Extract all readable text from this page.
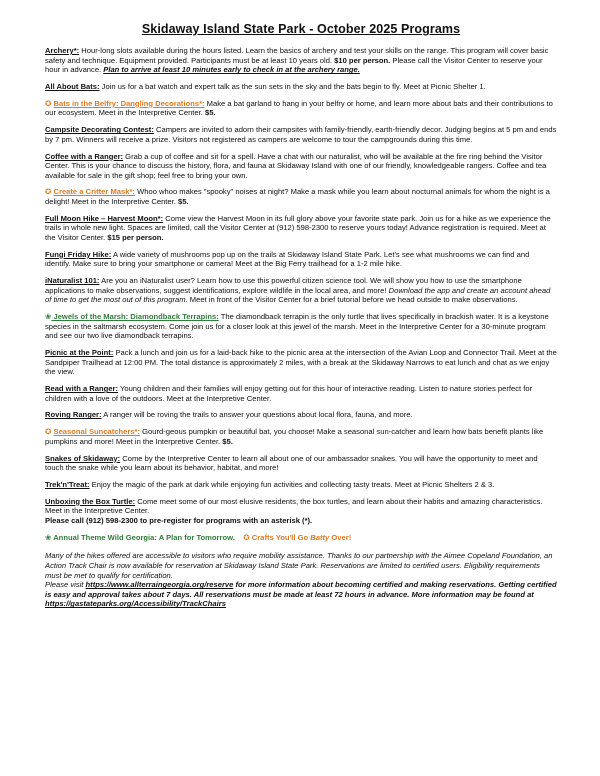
Skidaway Island State Park - October 2025 Programs

Archery*: Hour-long slots available during the hours listed. Learn the basics of archery and test your skills on the range. This program will cover basic safety and technique. Equipment provided. Participants must be at least 10 years old. $10 per person. Please call the Visitor Center to reserve your hour in advance. Plan to arrive at least 10 minutes early to check in at the archery range.

All About Bats: Join us for a bat watch and expert talk as the sun sets in the sky and the bats begin to fly. Meet at Picnic Shelter 1.

✪ Bats in the Belfry: Dangling Decorations*: Make a bat garland to hang in your belfry or home, and learn more about bats and their contributions to our ecosystem. Meet in the Interpretive Center. $5.

Campsite Decorating Contest: Campers are invited to adorn their campsites with family-friendly, earth-friendly decor. Judging begins at 5 pm and ends by 7 pm. Winners will receive a prize. Visitors not registered as campers are welcome to tour the campgrounds during this time.

Coffee with a Ranger: Grab a cup of coffee and sit for a spell. Have a chat with our naturalist, who will be available at the fire ring behind the Visitor Center. This is your chance to discuss the history, flora, and fauna at Skidaway Island with one of our friendly, knowledgeable rangers. Coffee and tea available for sale in the gift shop; feel free to bring your own.

✪ Create a Critter Mask*: Whoo whoo makes "spooky" noises at night? Make a mask while you learn about nocturnal animals for whom the night is a delight! Meet in the Interpretive Center. $5.

Full Moon Hike – Harvest Moon*: Come view the Harvest Moon in its full glory above your favorite state park. Join us for a hike as we experience the trails in whole new light. Spaces are limited, call the Visitor Center at (912) 598-2300 to reserve yours today! Advance registration is required. Meet at the Visitor Center. $15 per person.

Fungi Friday Hike: A wide variety of mushrooms pop up on the trails at Skidaway Island State Park. Let's see what mushrooms we can find and identify. Make sure to bring your smartphone or camera! Meet at the Big Ferry trailhead for a 1-2 mile hike.

iNaturalist 101: Are you an iNaturalist user? Learn how to use this powerful citizen science tool. We will show you how to use the smartphone applications to make observations, suggest identifications, explore wildlife in the local area, and more! Download the app and create an account ahead of time to get the most out of this program. Meet in front of the Visitor Center for a brief tutorial before we head outside to make observations.

❀ Jewels of the Marsh: Diamondback Terrapins: The diamondback terrapin is the only turtle that lives specifically in brackish water. It is a keystone species in the saltmarsh ecosystem. Come join us for a closer look at this jewel of the marsh. Meet in the Interpretive Center for a 30-minute program and see our two live diamondback terrapins.

Picnic at the Point: Pack a lunch and join us for a laid-back hike to the picnic area at the intersection of the Avian Loop and Connector Trail. Meet at the Sandpiper Trailhead at 12:00 PM. The total distance is approximately 2 miles, with a break at the Skidaway Narrows to eat lunch and chat as we enjoy the view.

Read with a Ranger: Young children and their families will enjoy getting out for this hour of interactive reading. Listen to nature stories perfect for children with a love of the outdoors. Meet at the Interpretive Center.

Roving Ranger: A ranger will be roving the trails to answer your questions about local flora, fauna, and more.

✪ Seasonal Suncatchers*: Gourd-geous pumpkin or beautiful bat, you choose! Make a seasonal sun-catcher and learn how bats benefit plants like pumpkins and more! Meet in the Interpretive Center. $5.

Snakes of Skidaway: Come by the Interpretive Center to learn all about one of our ambassador snakes. You will have the opportunity to meet and touch the snake while you learn about its behavior, habitat, and more!

Trek'n'Treat: Enjoy the magic of the park at dark while enjoying fun activities and collecting tasty treats. Meet at Picnic Shelters 2 & 3.

Unboxing the Box Turtle: Come meet some of our most elusive residents, the box turtles, and learn about their habits and amazing characteristics. Meet in the Interpretive Center.
Please call (912) 598-2300 to pre-register for programs with an asterisk (*).

❀ Annual Theme Wild Georgia: A Plan for Tomorrow. ✪ Crafts You'll Go Batty Over!

Many of the hikes offered are accessible to visitors who require mobility assistance. Thanks to our partnership with the Aimee Copeland Foundation, an Action Track Chair is now available for reservation at Skidaway Island State Park. Reservations are limited to certified users. Eligibility requirements must be met to qualify for certification.
Please visit https://www.allterraingeorgia.org/reserve for more information about becoming certified and making reservations. Getting certified is easy and approval takes about 7 days. All reservations must be made at least 72 hours in advance. More information may be found at https://gastateparks.org/Accessibility/TrackChairs
